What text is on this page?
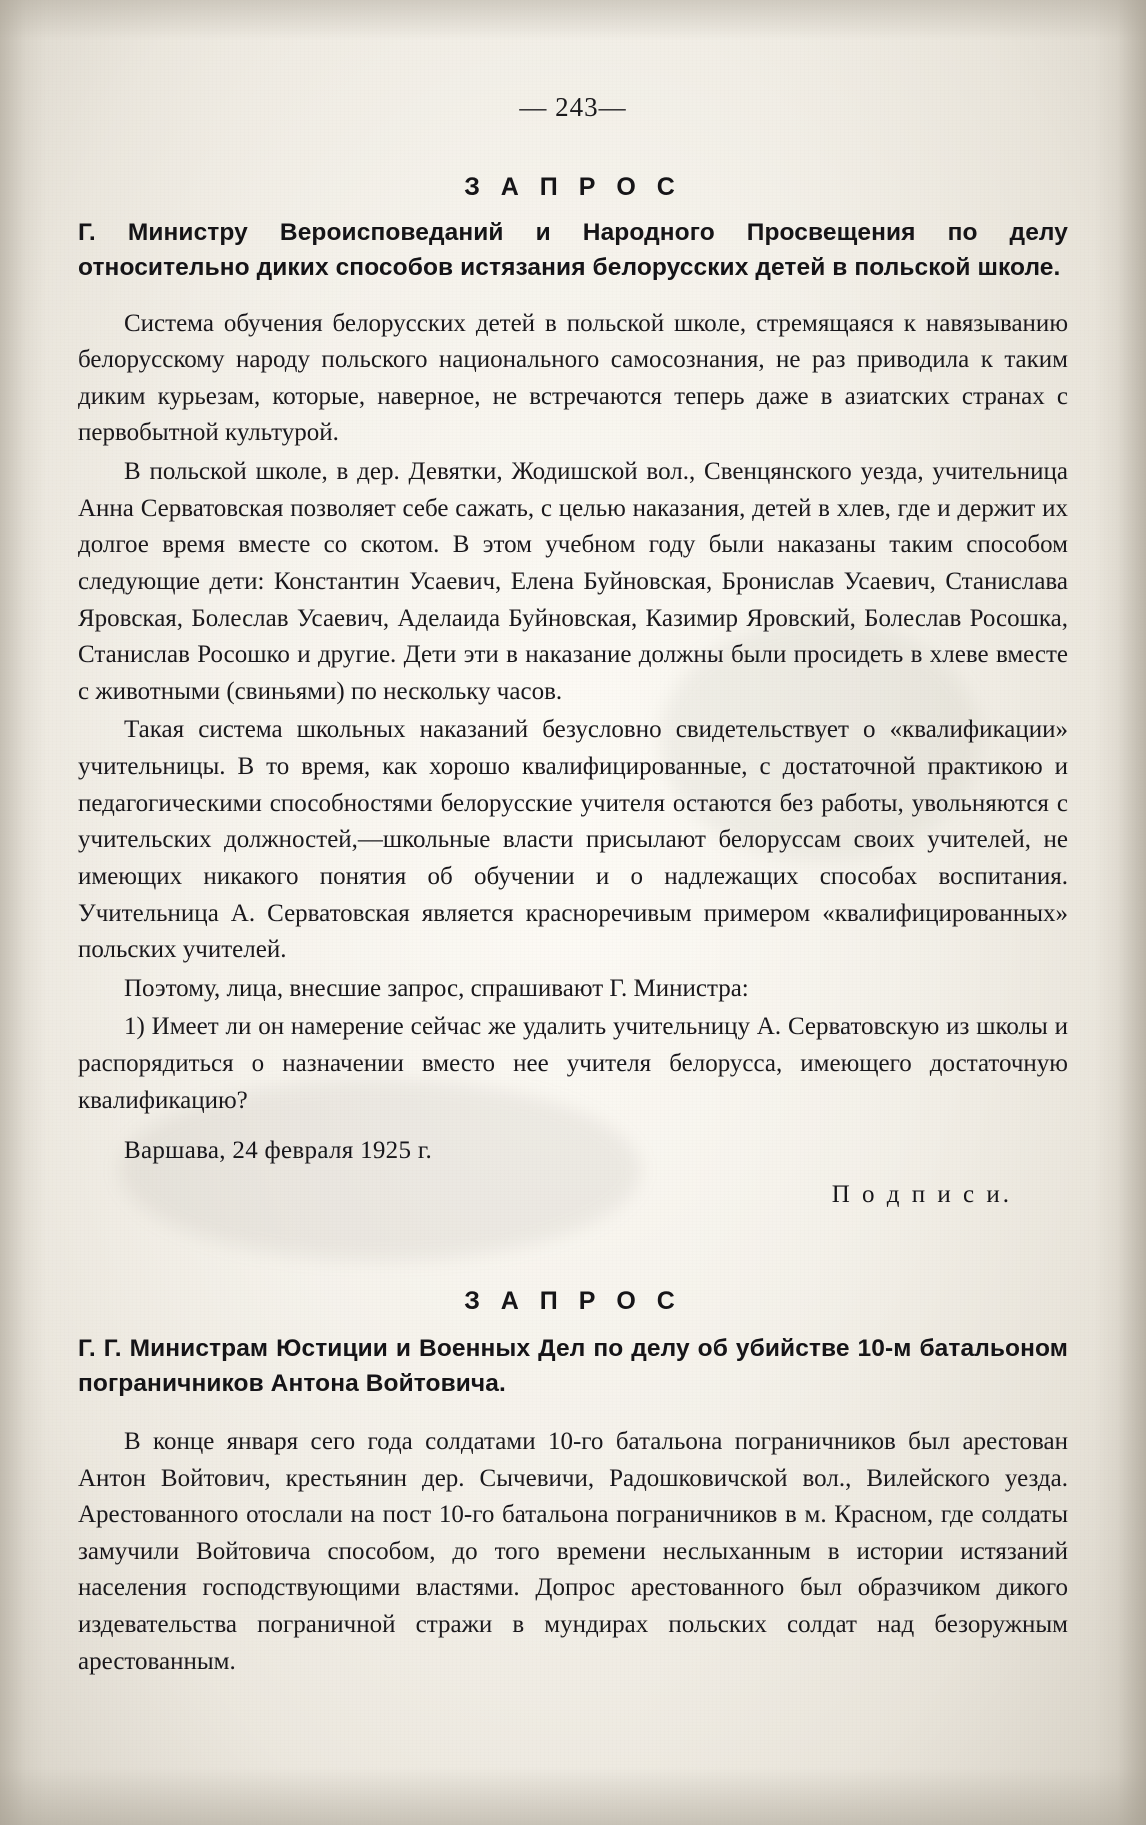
— 243—
З А П Р О С
Г. Министру Вероисповеданий и Народного Просвещения по делу относительно диких способов истязания белорусских детей в польской школе.

Система обучения белорусских детей в польской школе, стремящаяся к навязыванию белорусскому народу польского национального самосознания, не раз приводила к таким диким курьезам, которые, наверное, не встречаются теперь даже в азиатских странах с первобытной культурой.

В польской школе, в дер. Девятки, Жодишской вол., Свенцянского уезда, учительница Анна Серватовская позволяет себе сажать, с целью наказания, детей в хлев, где и держит их долгое время вместе со скотом. В этом учебном году были наказаны таким способом следующие дети: Константин Усаевич, Елена Буйновская, Бронислав Усаевич, Станислава Яровская, Болеслав Усаевич, Аделаида Буйновская, Казимир Яровский, Болеслав Росошка, Станислав Росошко и другие. Дети эти в наказание должны были просидеть в хлеве вместе с животными (свиньями) по нескольку часов.

Такая система школьных наказаний безусловно свидетельствует о «квалификации» учительницы. В то время, как хорошо квалифицированные, с достаточной практикою и педагогическими способностями белорусские учителя остаются без работы, увольняются с учительских должностей,—школьные власти присылают белоруссам своих учителей, не имеющих никакого понятия об обучении и о надлежащих способах воспитания. Учительница А. Серватовская является красноречивым примером «квалифицированных» польских учителей.

Поэтому, лица, внесшие запрос, спрашивают Г. Министра:

1) Имеет ли он намерение сейчас же удалить учительницу А. Серватовскую из школы и распорядиться о назначении вместо нее учителя белорусса, имеющего достаточную квалификацию?

Варшава, 24 февраля 1925 г.
П о д п и с и.
З А П Р О С
Г. Г. Министрам Юстиции и Военных Дел по делу об убийстве 10-м батальоном пограничников Антона Войтовича.

В конце января сего года солдатами 10-го батальона пограничников был арестован Антон Войтович, крестьянин дер. Сычевичи, Радошковичской вол., Вилейского уезда. Арестованного отослали на пост 10-го батальона пограничников в м. Красном, где солдаты замучили Войтовича способом, до того времени неслыханным в истории истязаний населения господствующими властями. Допрос арестованного был образчиком дикого издевательства пограничной стражи в мундирах польских солдат над безоружным арестованным.
